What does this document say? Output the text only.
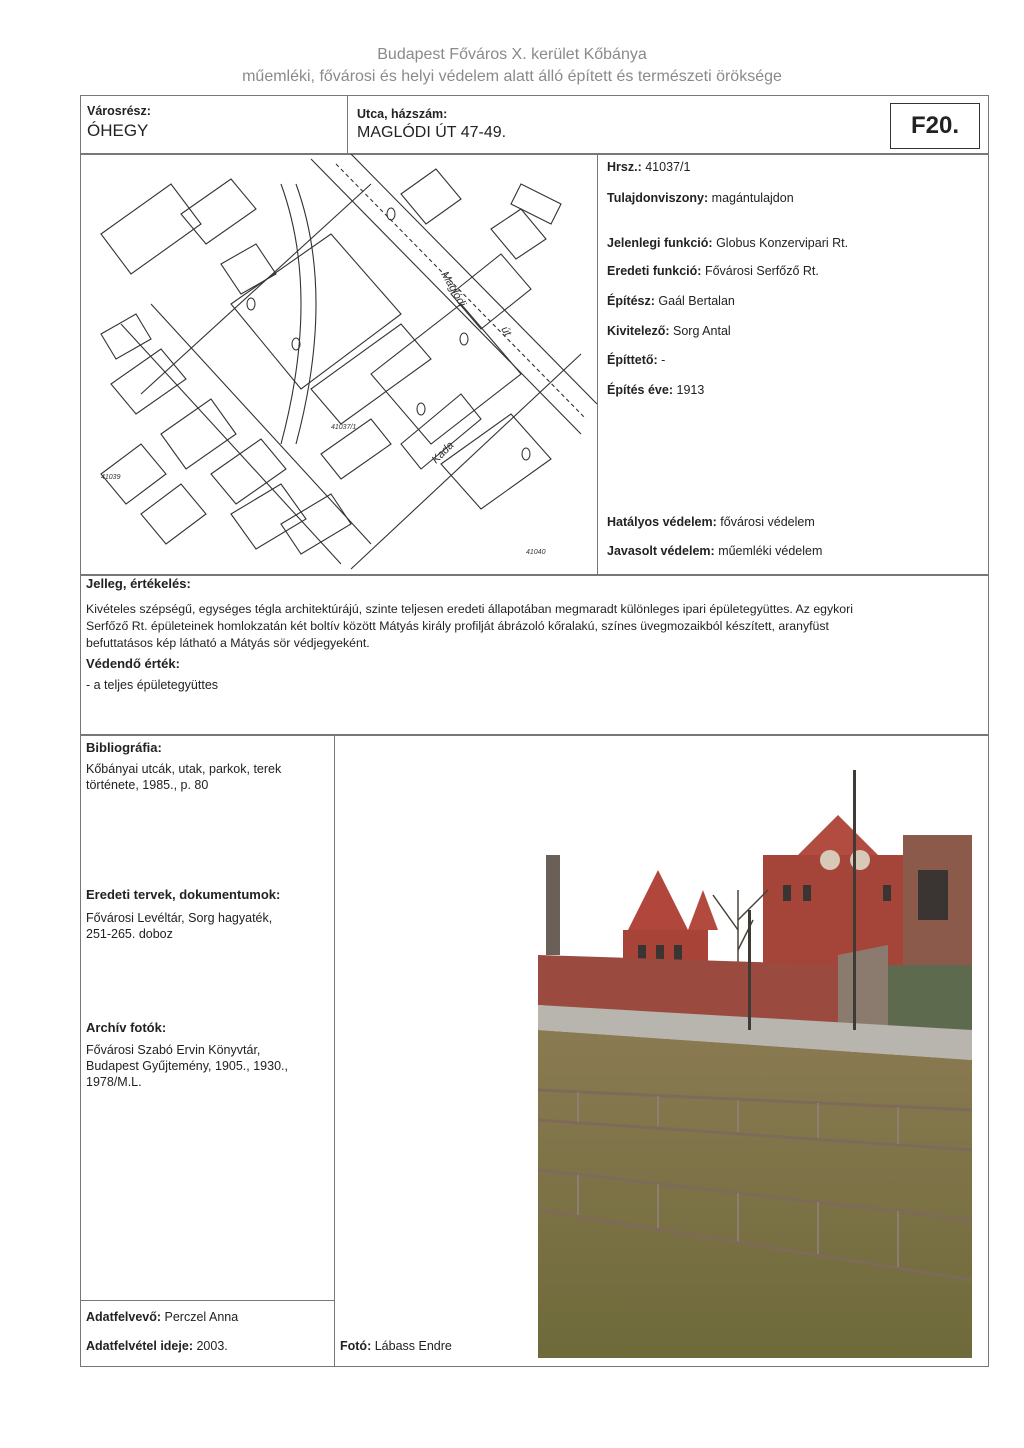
Budapest Főváros X. kerület Kőbánya
műemléki, fővárosi és helyi védelem alatt álló épített és természeti öröksége
Városrész:
ÓHEGY
Utca, házszám:
MAGLÓDI ÚT 47-49.	F20.
Maglódi
út
Kada
41037/1
41040
41039
Hrsz.: 41037/1
Tulajdonviszony: magántulajdon
Jelenlegi funkció: Globus Konzervipari Rt.
Eredeti funkció: Fővárosi Serfőző Rt.
Építész: Gaál Bertalan
Kivitelező: Sorg Antal
Építtető: -
Építés éve: 1913
Hatályos védelem: fővárosi védelem
Javasolt védelem: műemléki védelem
Jelleg, értékelés:
Kivételes szépségű, egységes tégla architektúrájú, szinte teljesen eredeti állapotában megmaradt különleges ipari épületegyüttes. Az egykori
Serfőző Rt. épületeinek homlokzatán két boltív között Mátyás király profilját ábrázoló kőralakú, színes üvegmozaikból készített, aranyfüst
befuttatásos kép látható a Mátyás sör védjegyeként.
Védendő érték:
- a teljes épületegyüttes
Bibliográfia:
Kőbányai utcák, utak, parkok, terek
története, 1985., p. 80
Eredeti tervek, dokumentumok:
Fővárosi Levéltár, Sorg hagyaték,
251-265. doboz
Archív fotók:
Fővárosi Szabó Ervin Könyvtár,
Budapest Gyűjtemény, 1905., 1930.,
1978/M.L.
Adatfelvevő: Perczel Anna
Adatfelvétel ideje: 2003.	Fotó: Lábass Endre
